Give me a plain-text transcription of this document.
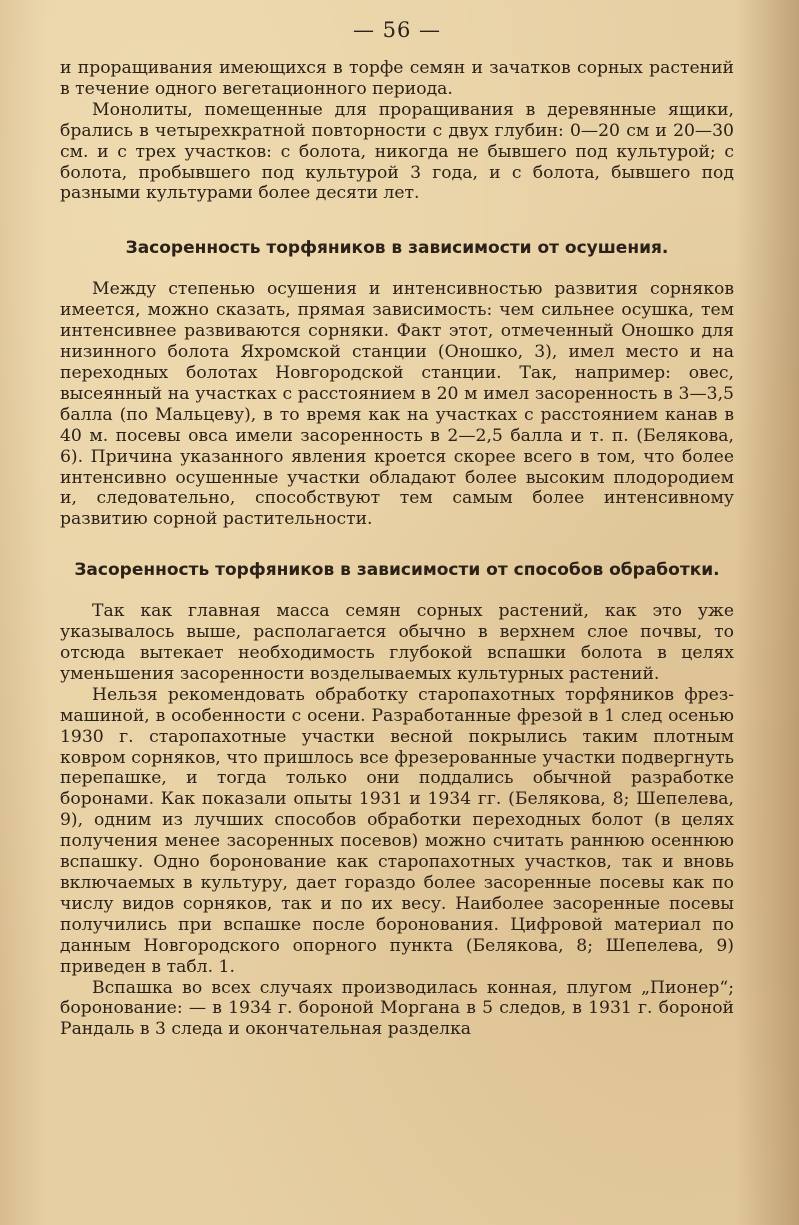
— 56 —

и проращивания имеющихся в торфе семян и зачатков сорных растений в течение одного вегетационного периода.

Монолиты, помещенные для проращивания в деревянные ящики, брались в четырехкратной повторности с двух глубин: 0—20 см и 20—30 см. и с трех участков: с болота, никогда не бывшего под культурой; с болота, пробывшего под культурой 3 года, и с болота, бывшего под разными культурами более десяти лет.

Засоренность торфяников в зависимости от осушения.

Между степенью осушения и интенсивностью развития сорняков имеется, можно сказать, прямая зависимость: чем сильнее осушка, тем интенсивнее развиваются сорняки. Факт этот, отмеченный Оношко для низинного болота Яхромской станции (Оношко, 3), имел место и на переходных болотах Новгородской станции. Так, например: овес, высеянный на участках с расстоянием в 20 м имел засоренность в 3—3,5 балла (по Мальцеву), в то время как на участках с расстоянием канав в 40 м. посевы овса имели засоренность в 2—2,5 балла и т. п. (Белякова, 6). Причина указанного явления кроется скорее всего в том, что более интенсивно осушенные участки обладают более высоким плодородием и, следовательно, способствуют тем самым более интенсивному развитию сорной растительности.

Засоренность торфяников в зависимости от способов обработки.

Так как главная масса семян сорных растений, как это уже указывалось выше, располагается обычно в верхнем слое почвы, то отсюда вытекает необходимость глубокой вспашки болота в целях уменьшения засоренности возделываемых культурных растений.

Нельзя рекомендовать обработку старопахотных торфяников фрез-машиной, в особенности с осени. Разработанные фрезой в 1 след осенью 1930 г. старопахотные участки весной покрылись таким плотным ковром сорняков, что пришлось все фрезерованные участки подвергнуть перепашке, и тогда только они поддались обычной разработке боронами. Как показали опыты 1931 и 1934 гг. (Белякова, 8; Шепелева, 9), одним из лучших способов обработки переходных болот (в целях получения менее засоренных посевов) можно считать раннюю осеннюю вспашку. Одно боронование как старопахотных участков, так и вновь включаемых в культуру, дает гораздо более засоренные посевы как по числу видов сорняков, так и по их весу. Наиболее засоренные посевы получились при вспашке после боронования. Цифровой материал по данным Новгородского опорного пункта (Белякова, 8; Шепелева, 9) приведен в табл. 1.

Вспашка во всех случаях производилась конная, плугом „Пионер“; боронование: — в 1934 г. бороной Моргана в 5 следов, в 1931 г. бороной Рандаль в 3 следа и окончательная разделка
